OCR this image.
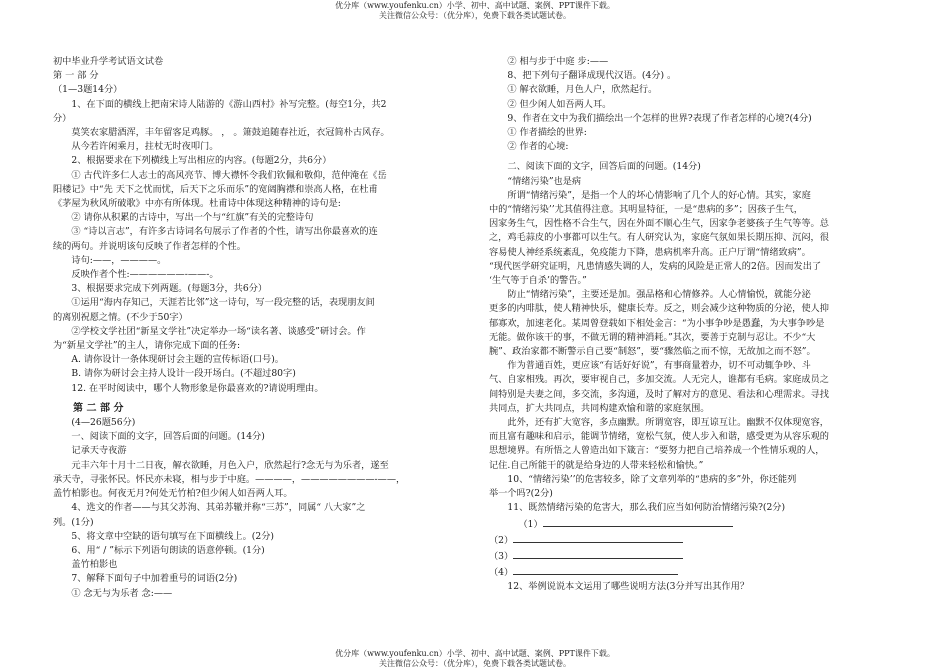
优分库（www.youfenku.cn）小学、初中、高中试题、案例、PPT课件下载。
关注微信公众号：（优分库），免费下载各类试题试卷。

初中毕业升学考试语文试卷

第 一 部 分

（1—3题14分）

1、在下面的横线上把南宋诗人陆游的《游山西村》补写完整。(每空1分，共2

分）

莫笑农家腊酒浑，丰年留客足鸡豚。 ， 。箫鼓追随春社近，衣冠简朴古风存。

从今若许闲乘月，拄杖无时夜叩门。

2、根据要求在下列横线上写出相应的内容。(每题2分，共6分）

① 古代许多仁人志士的高风亮节、博大襟怀令我们钦佩和敬仰，范仲淹在《岳

阳楼记》中“先 天下之忧而忧，后天下之乐而乐”的宽阔胸襟和崇高人格，在杜甫

《茅屋为秋风所破歌》中亦有所体现。杜甫诗中体现这种精神的诗句是:

② 请你从积累的古诗中，写出一个与“红旗”有关的完整诗句

③ “诗以言志”，有许多古诗词名句展示了作者的个性，请写出你最喜欢的连

续的两句。并说明该句反映了作者怎样的个性。

诗句:——，————。

反映作者个性:——————-——-。

3、根据要求完成下列两题。(每题3分，共6分）

①运用“海内存知己，天涯若比邻”这一诗句，写一段完整的话，表现朋友间

的离别祝愿之情。(不少于50字）

②学校文学社团“新星文学社”决定举办一场“读名著、谈感受”研讨会。作

为“新星文学社”的主人，请你完成下面的任务:

A. 请你设计一条体现研讨会主题的宣传标语(口号)。

B. 请你为研讨会主持人设计一段开场白。(不超过80字)

12. 在平时阅读中，哪个人物形象是你最喜欢的?请说明理由。

第 二 部 分

(4—26题56分)

一、阅读下面的文字，回答后面的问题。(14分)

记承天寺夜游

元丰六年十月十二日夜，解衣欲睡，月色入户，欣然起行?念无与为乐者，遂至

承天寺，寻张怀民。怀民亦未寝，相与步于中庭。————，————————-——，

盖竹柏影也。何夜无月?何处无竹柏?但少闲人如吾两人耳。

4、选文的作者——与其父苏洵、其弟苏辙并称“三苏”，同属“ 八大家”之

列。(1分)

5、将文章中空缺的语句填写在下面横线上。(2分)

6、用“ / ”标示下列语句朗读的语意停顿。(1分)

盖竹柏影也

7、解释下面句子中加着重号的词语(2分)

① 念无与为乐者 念:——

② 相与步于中庭 步:——

8、把下列句子翻译成现代汉语。(4分) 。

① 解衣欲睡，月色人户，欣然起行。

② 但少闲人如吾两人耳。

9、作者在文中为我们描绘出一个怎样的世界?表现了作者怎样的心境?(4分)

① 作者描绘的世界:

② 作者的心境:

二、阅读下面的文字，回答后面的问题。(14分)

“情绪污染”也是病

所谓“情绪污染”，是指一个人的坏心情影响了几个人的好心情。其实，家庭

中的“情绪污染’’尤其值得注意。其明显特征，一是“患病的多”；因孩子生气，

因家务生气，因性格不合生气，因在外面不顺心生气，因家争老婆孩子生气等等。总

之，鸡毛蒜皮的小事都可以生气。有人研究认为，家庭气氛如果长期压抑、沉闷，很

容易使人神经系统紊乱，免疫能力下降，患病机率升高。正户厅谓“情绪致病”。

“现代医学研究证明，凡患情感失调的人，发病的风险是正常人的2倍。因而发出了

‘生气等于自杀’的警告。”

防止“情绪污染”，主要还是加。强品格和心情修养。人心情愉悦，就能分泌

更多的内啡肽，使人精神快乐，健康长寿。反之，则会减少这种物质的分泌，使人抑

郁寡欢，加速老化。某周曾登载如下相处金言：“为小事争吵是愚蠢，为大事争吵是

无能。做你该干的事，不做无谓的精神消耗。”其次，要善于克制与忍让。不少“大

腕”、政治家都不断警示自己要“制怒”，要“骤然临之而不惊，无故加之而不怒”。

作为普通百姓，更应该“有话好好说”，有事商量着办，切不可动辄争吵、斗

气、自家相残。再次，要审视自己，多加交流。人无完人，谁都有毛病。家庭成员之

间特别是夫妻之间，多交流，多沟通，及时了解对方的意见、看法和心理需求。寻找

共同点，扩大共同点，共同构建欢愉和谐的家庭氛围。

此外，还有扩大宽容，多点幽默。所谓宽容，即互谅互让。幽默不仅体现宽容，

而且富有趣味和启示，能调节情绪，宽松气氛，使人步入和谐，感受更为从容乐观的

思想境界。有所悟之人曾造出如下箴言：“要努力把自己培养成一个性情乐观的人，

记住.自己所能干的就是给身边的人带来轻松和愉快。”

10、“情绪污染’’的危害较多，除了文章列举的“患病的多”外，你还能列

举一个吗?(2分)

11、既然情绪污染的危害大，那么我们应当如何防治情绪污染?(2分)

（1）

（2）

（3）

（4）

12、举例说说本文运用了哪些说明方法(3分并写出其作用？

优分库（www.youfenku.cn）小学、初中、高中试题、案例、PPT课件下载。
关注微信公众号：（优分库），免费下载各类试题试卷。
